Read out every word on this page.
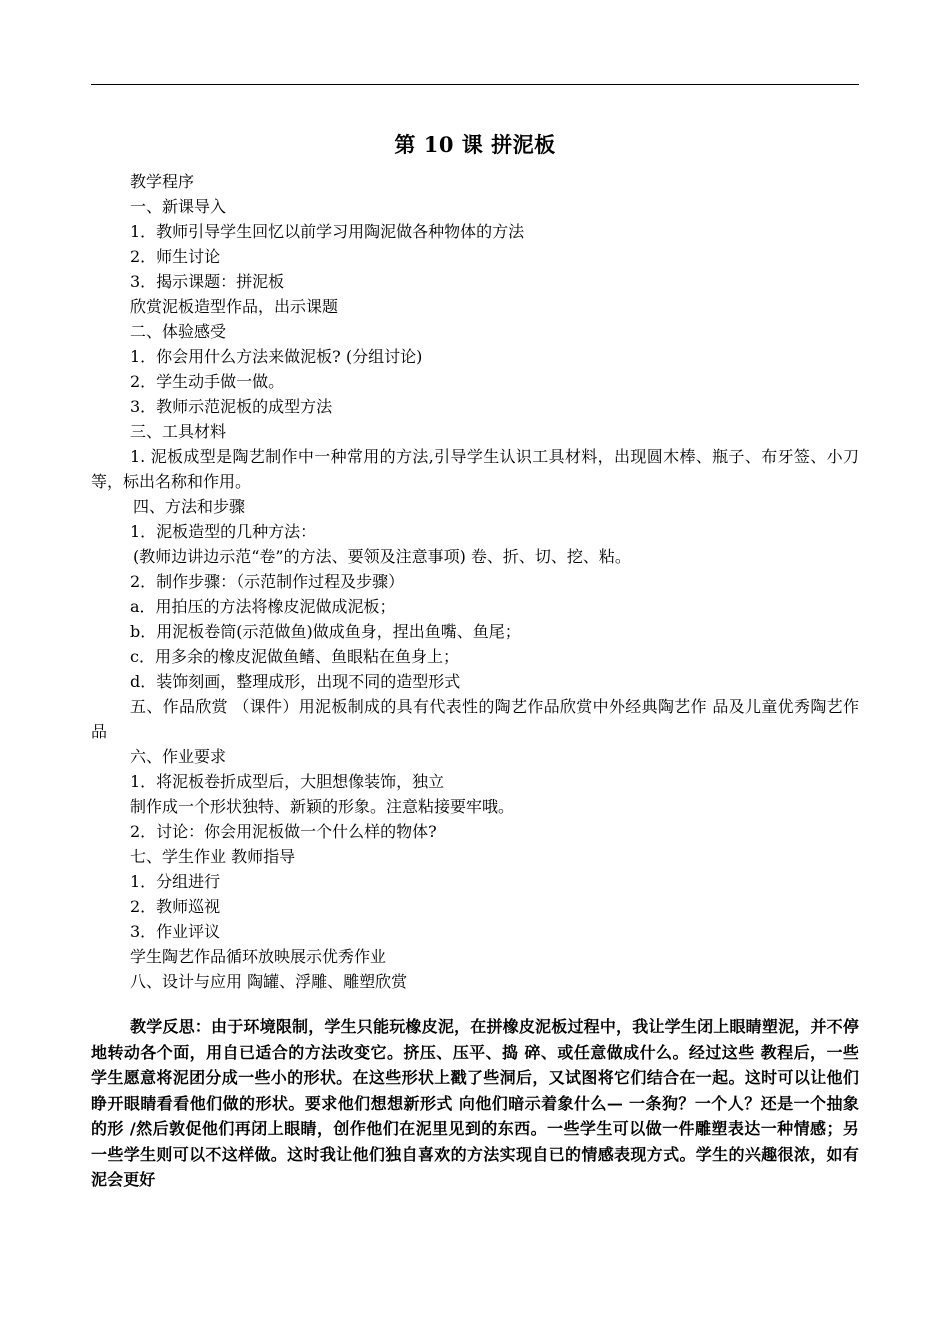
第 10 课 拼泥板
教学程序
一、新课导入
1．教师引导学生回忆以前学习用陶泥做各种物体的方法
2．师生讨论
3．揭示课题：拼泥板
欣赏泥板造型作品，出示课题
二、体验感受
1．你会用什么方法来做泥板? (分组讨论)
2．学生动手做一做。
3．教师示范泥板的成型方法
三、工具材料
1. 泥板成型是陶艺制作中一种常用的方法,引导学生认识工具材料，出现圆木棒、瓶子、布牙签、小刀等，标出名称和作用。
四、方法和步骤
1．泥板造型的几种方法：
(教师边讲边示范“卷”的方法、要领及注意事项) 卷、折、切、挖、粘。
2．制作步骤：（示范制作过程及步骤）
a．用拍压的方法将橡皮泥做成泥板；
b．用泥板卷筒(示范做鱼)做成鱼身，捏出鱼嘴、鱼尾；
c．用多余的橡皮泥做鱼鳍、鱼眼粘在鱼身上；
d．装饰刻画，整理成形，出现不同的造型形式
五、作品欣赏 （课件）用泥板制成的具有代表性的陶艺作品欣赏中外经典陶艺作 品及儿童优秀陶艺作品
六、作业要求
1．将泥板卷折成型后，大胆想像装饰，独立
制作成一个形状独特、新颖的形象。注意粘接要牢哦。
2．讨论：你会用泥板做一个什么样的物体?
七、学生作业 教师指导
1．分组进行
2．教师巡视
3．作业评议
学生陶艺作品循环放映展示优秀作业
八、设计与应用 陶罐、浮雕、雕塑欣赏
教学反思：由于环境限制，学生只能玩橡皮泥，在拼橡皮泥板过程中，我让学生闭上眼睛塑泥，并不停地转动各个面，用自已适合的方法改变它。挤压、压平、捣 碎、或任意做成什么。经过这些 教程后，一些学生愿意将泥团分成一些小的形状。在这些形状上戳了些洞后，又试图将它们结合在一起。这时可以让他们睁开眼睛看看他们做的形状。要求他们想想新形式 向他们暗示着象什么— 一条狗？一个人？还是一个抽象的形 /然后敦促他们再闭上眼睛，创作他们在泥里见到的东西。一些学生可以做一件雕塑表达一种情感；另一些学生则可以不这样做。这时我让他们独自喜欢的方法实现自已的情感表现方式。学生的兴趣很浓，如有泥会更好
